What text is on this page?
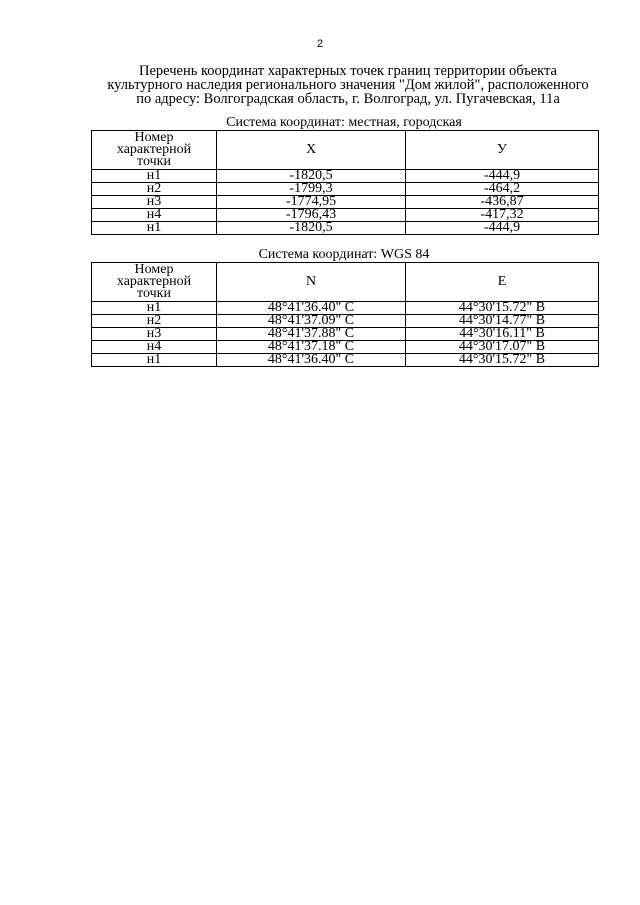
2
Перечень координат характерных точек границ территории объекта
культурного наследия регионального значения "Дом жилой", расположенного
по адресу: Волгоградская область, г. Волгоград, ул. Пугачевская, 11а
Система координат: местная, городская
Номер
характерной
точки	Х	У
н1	-1820,5	-444,9
н2	-1799,3	-464,2
н3	-1774,95	-436,87
н4	-1796,43	-417,32
н1	-1820,5	-444,9
Система координат: WGS 84
Номер
характерной
точки	N	E
н1	48°41'36.40" С	44°30'15.72" В
н2	48°41'37.09" С	44°30'14.77" В
н3	48°41'37.88" С	44°30'16.11" В
н4	48°41'37.18" С	44°30'17.07" В
н1	48°41'36.40" С	44°30'15.72" В
